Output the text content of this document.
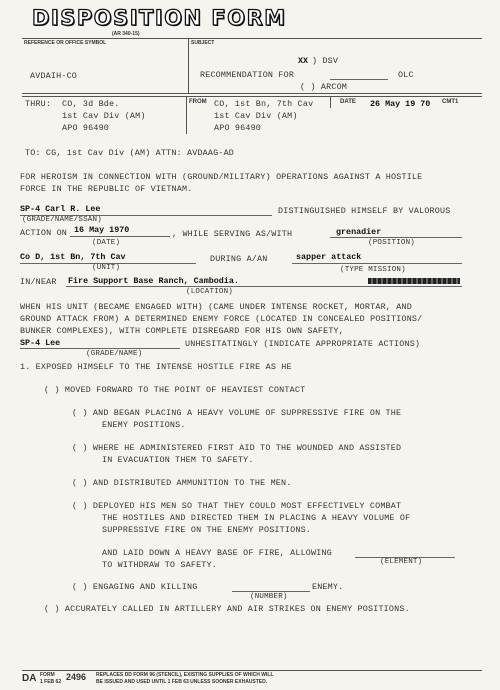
DISPOSITION FORM
(AR 340-15)
REFERENCE OR OFFICE SYMBOL	SUBJECT
AVDAIH-CO
XX ) DSV
RECOMMENDATION FOR	OLC
( ) ARCOM
THRU: CO, 3d Bde.
1st Cav Div (AM)
APO 96490
FROM CO, 1st Bn, 7th Cav
1st Cav Div (AM)
APO 96490
DATE 26 May 19 70 CMT1
TO: CG, 1st Cav Div (AM) ATTN: AVDAAG-AD
FOR HEROISM IN CONNECTION WITH (GROUND/MILITARY) OPERATIONS AGAINST A HOSTILE
FORCE IN THE REPUBLIC OF VIETNAM.
SP-4 Carl R. Lee	DISTINGUISHED HIMSELF BY VALOROUS
(GRADE/NAME/SSAN)
ACTION ON 16 May 1970	, WHILE SERVING AS/WITH	grenadier
(DATE)	(POSITION)
Co D, 1st Bn, 7th Cav	DURING A/AN	sapper attack
(UNIT)	(TYPE MISSION)
IN/NEAR Fire Support Base Ranch, Cambodia.
(LOCATION)
WHEN HIS UNIT (BECAME ENGAGED WITH) (CAME UNDER INTENSE ROCKET, MORTAR, AND
GROUND ATTACK FROM) A DETERMINED ENEMY FORCE (LOCATED IN CONCEALED POSITIONS/
BUNKER COMPLEXES), WITH COMPLETE DISREGARD FOR HIS OWN SAFETY,
SP-4 Lee	UNHESITATINGLY (INDICATE APPROPRIATE ACTIONS)
(GRADE/NAME)
1. EXPOSED HIMSELF TO THE INTENSE HOSTILE FIRE AS HE
( ) MOVED FORWARD TO THE POINT OF HEAVIEST CONTACT
( ) AND BEGAN PLACING A HEAVY VOLUME OF SUPPRESSIVE FIRE ON THE
ENEMY POSITIONS.
( ) WHERE HE ADMINISTERED FIRST AID TO THE WOUNDED AND ASSISTED
IN EVACUATION THEM TO SAFETY.
( ) AND DISTRIBUTED AMMUNITION TO THE MEN.
( ) DEPLOYED HIS MEN SO THAT THEY COULD MOST EFFECTIVELY COMBAT
THE HOSTILES AND DIRECTED THEM IN PLACING A HEAVY VOLUME OF
SUPPRESSIVE FIRE ON THE ENEMY POSITIONS.
AND LAID DOWN A HEAVY BASE OF FIRE, ALLOWING
TO WITHDRAW TO SAFETY.	(ELEMENT)
( ) ENGAGING AND KILLING	ENEMY.
(NUMBER)
( ) ACCURATELY CALLED IN ARTILLERY AND AIR STRIKES ON ENEMY POSITIONS.
DA FORM
1 FEB 62 2496 REPLACES DD FORM 96 (STENCIL), EXISTING SUPPLIES OF WHICH WILL
BE ISSUED AND USED UNTIL 1 FEB 63 UNLESS SOONER EXHAUSTED.
